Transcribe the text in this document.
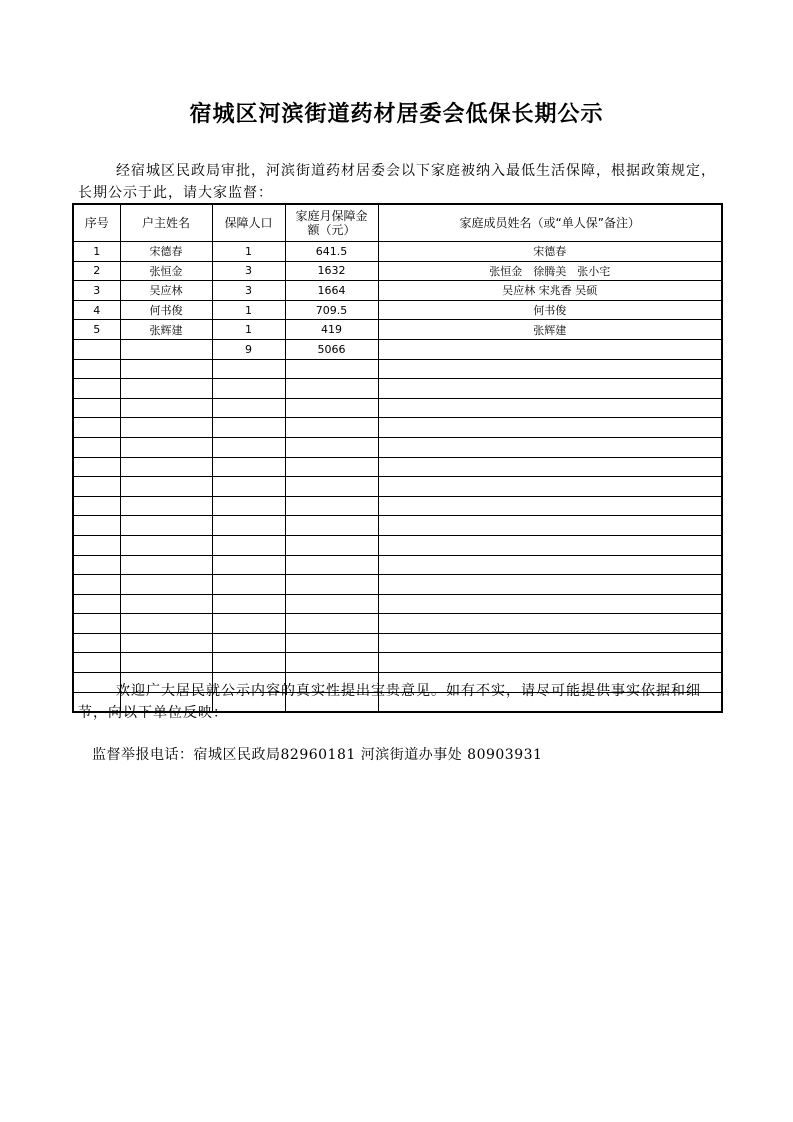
宿城区河滨街道药材居委会低保长期公示
经宿城区民政局审批，河滨街道药材居委会以下家庭被纳入最低生活保障，根据政策规定，长期公示于此，请大家监督：
序号	户主姓名	保障人口	家庭月保障金额（元）	家庭成员姓名（或“单人保”备注）
1	宋德春	1	641.5	宋德春
2	张恒金	3	1632	张恒金　徐腾美　张小宅
3	吴应林	3	1664	吴应林 宋兆香 吴硕
4	何书俊	1	709.5	何书俊
5	张辉建	1	419	张辉建
		9	5066	

欢迎广大居民就公示内容的真实性提出宝贵意见。如有不实，请尽可能提供事实依据和细节，向以下单位反映：
监督举报电话：宿城区民政局82960181 河滨街道办事处 80903931
